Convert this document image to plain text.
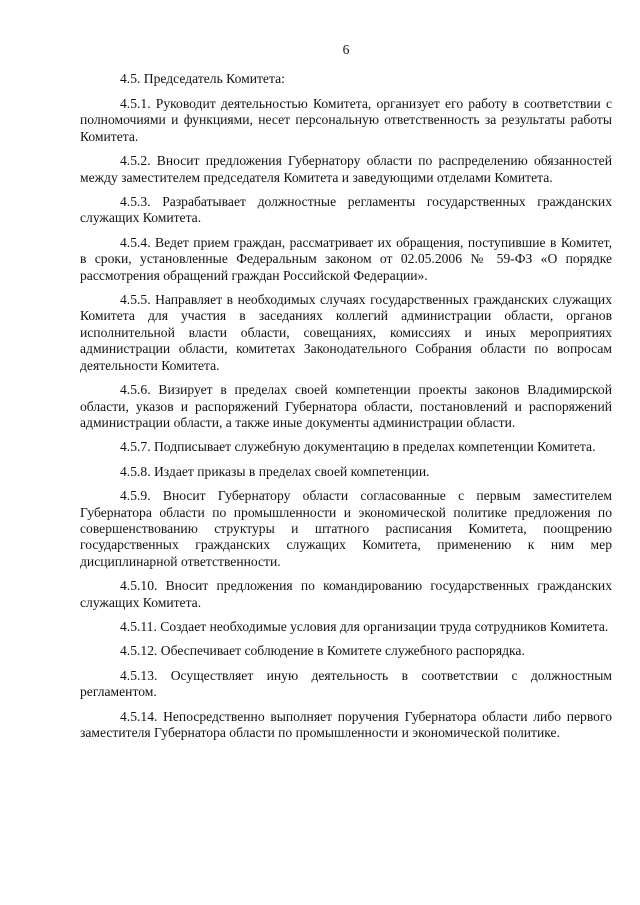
6

4.5. Председатель Комитета:

4.5.1. Руководит деятельностью Комитета, организует его работу в соответствии с полномочиями и функциями, несет персональную ответственность за результаты работы Комитета.

4.5.2. Вносит предложения Губернатору области по распределению обязанностей между заместителем председателя Комитета и заведующими отделами Комитета.

4.5.3. Разрабатывает должностные регламенты государственных гражданских служащих Комитета.

4.5.4. Ведет прием граждан, рассматривает их обращения, поступившие в Комитет, в сроки, установленные Федеральным законом от 02.05.2006 № 59-ФЗ «О порядке рассмотрения обращений граждан Российской Федерации».

4.5.5. Направляет в необходимых случаях государственных гражданских служащих Комитета для участия в заседаниях коллегий администрации области, органов исполнительной власти области, совещаниях, комиссиях и иных мероприятиях администрации области, комитетах Законодательного Собрания области по вопросам деятельности Комитета.

4.5.6. Визирует в пределах своей компетенции проекты законов Владимирской области, указов и распоряжений Губернатора области, постановлений и распоряжений администрации области, а также иные документы администрации области.

4.5.7. Подписывает служебную документацию в пределах компетенции Комитета.

4.5.8. Издает приказы в пределах своей компетенции.

4.5.9. Вносит Губернатору области согласованные с первым заместителем Губернатора области по промышленности и экономической политике предложения по совершенствованию структуры и штатного расписания Комитета, поощрению государственных гражданских служащих Комитета, применению к ним мер дисциплинарной ответственности.

4.5.10. Вносит предложения по командированию государственных гражданских служащих Комитета.

4.5.11. Создает необходимые условия для организации труда сотрудников Комитета.

4.5.12. Обеспечивает соблюдение в Комитете служебного распорядка.

4.5.13. Осуществляет иную деятельность в соответствии с должностным регламентом.

4.5.14. Непосредственно выполняет поручения Губернатора области либо первого заместителя Губернатора области по промышленности и экономической политике.
